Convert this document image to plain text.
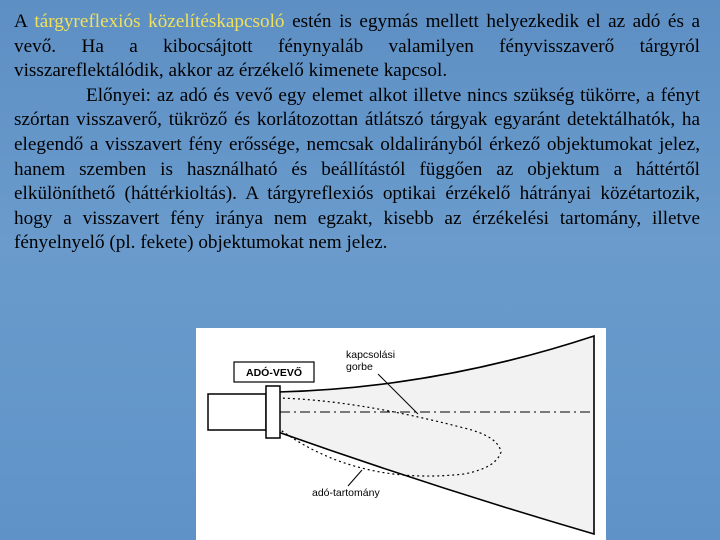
A tárgyreflexiós közelítéskapcsoló estén is egymás mellett helyezkedik el az adó és a vevő. Ha a kibocsájtott fénynyaláb valamilyen fényvisszaverő tárgyról visszareflektálódik, akkor az érzékelő kimenete kapcsol.

Előnyei: az adó és vevő egy elemet alkot illetve nincs szükség tükörre, a fényt szórtan visszaverő, tükröző és korlátozottan átlátszó tárgyak egyaránt detektálhatók, ha elegendő a visszavert fény erőssége, nemcsak oldalirányból érkező objektumokat jelez, hanem szemben is használható és beállítástól függően az objektum a háttértől elkülöníthető (háttérkioltás). A tárgyreflexiós optikai érzékelő hátrányai közétartozik, hogy a visszavert fény iránya nem egzakt, kisebb az érzékelési tartomány, illetve fényelnyelő (pl. fekete) objektumokat nem jelez.

ADÓ-VEVŐ
kapcsolási
gorbe
adó-tartomány
